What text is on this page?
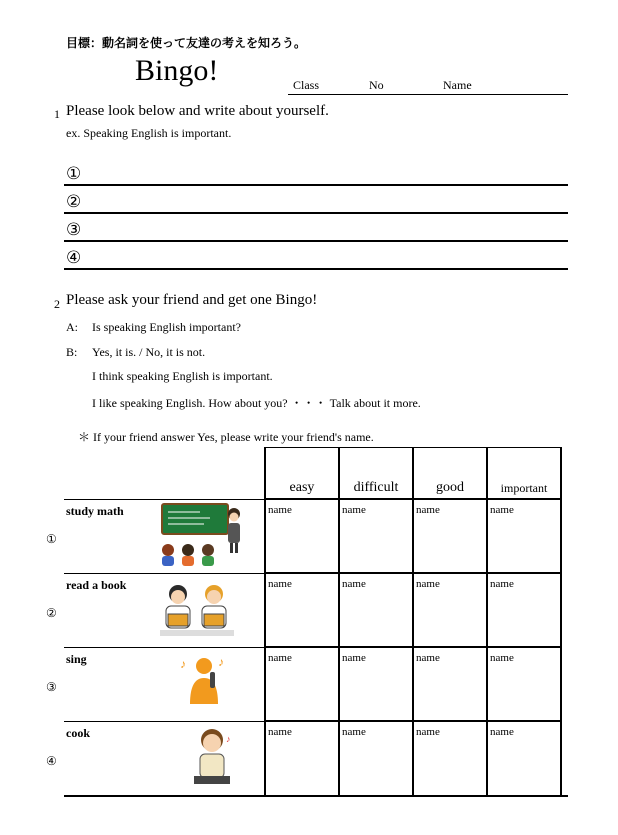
目標：動名詞を使って友達の考えを知ろう。
Bingo!	Class	No	Name
1 Please look below and write about yourself.
ex. Speaking English is important.
①
②
③
④
2 Please ask your friend and get one Bingo!
A: Is speaking English important?
B: Yes, it is. / No, it is not.
I think speaking English is important.
I like speaking English. How about you? ・・・ Talk about it more.
＊ If your friend answer Yes, please write your friend's name.
	easy	difficult	good	important

①
study math	name	name	name	name

②
read a book	name	name	name	name

③
sing ♪ ♪	name	name	name	name

④
cook ♪	name	name	name	name
